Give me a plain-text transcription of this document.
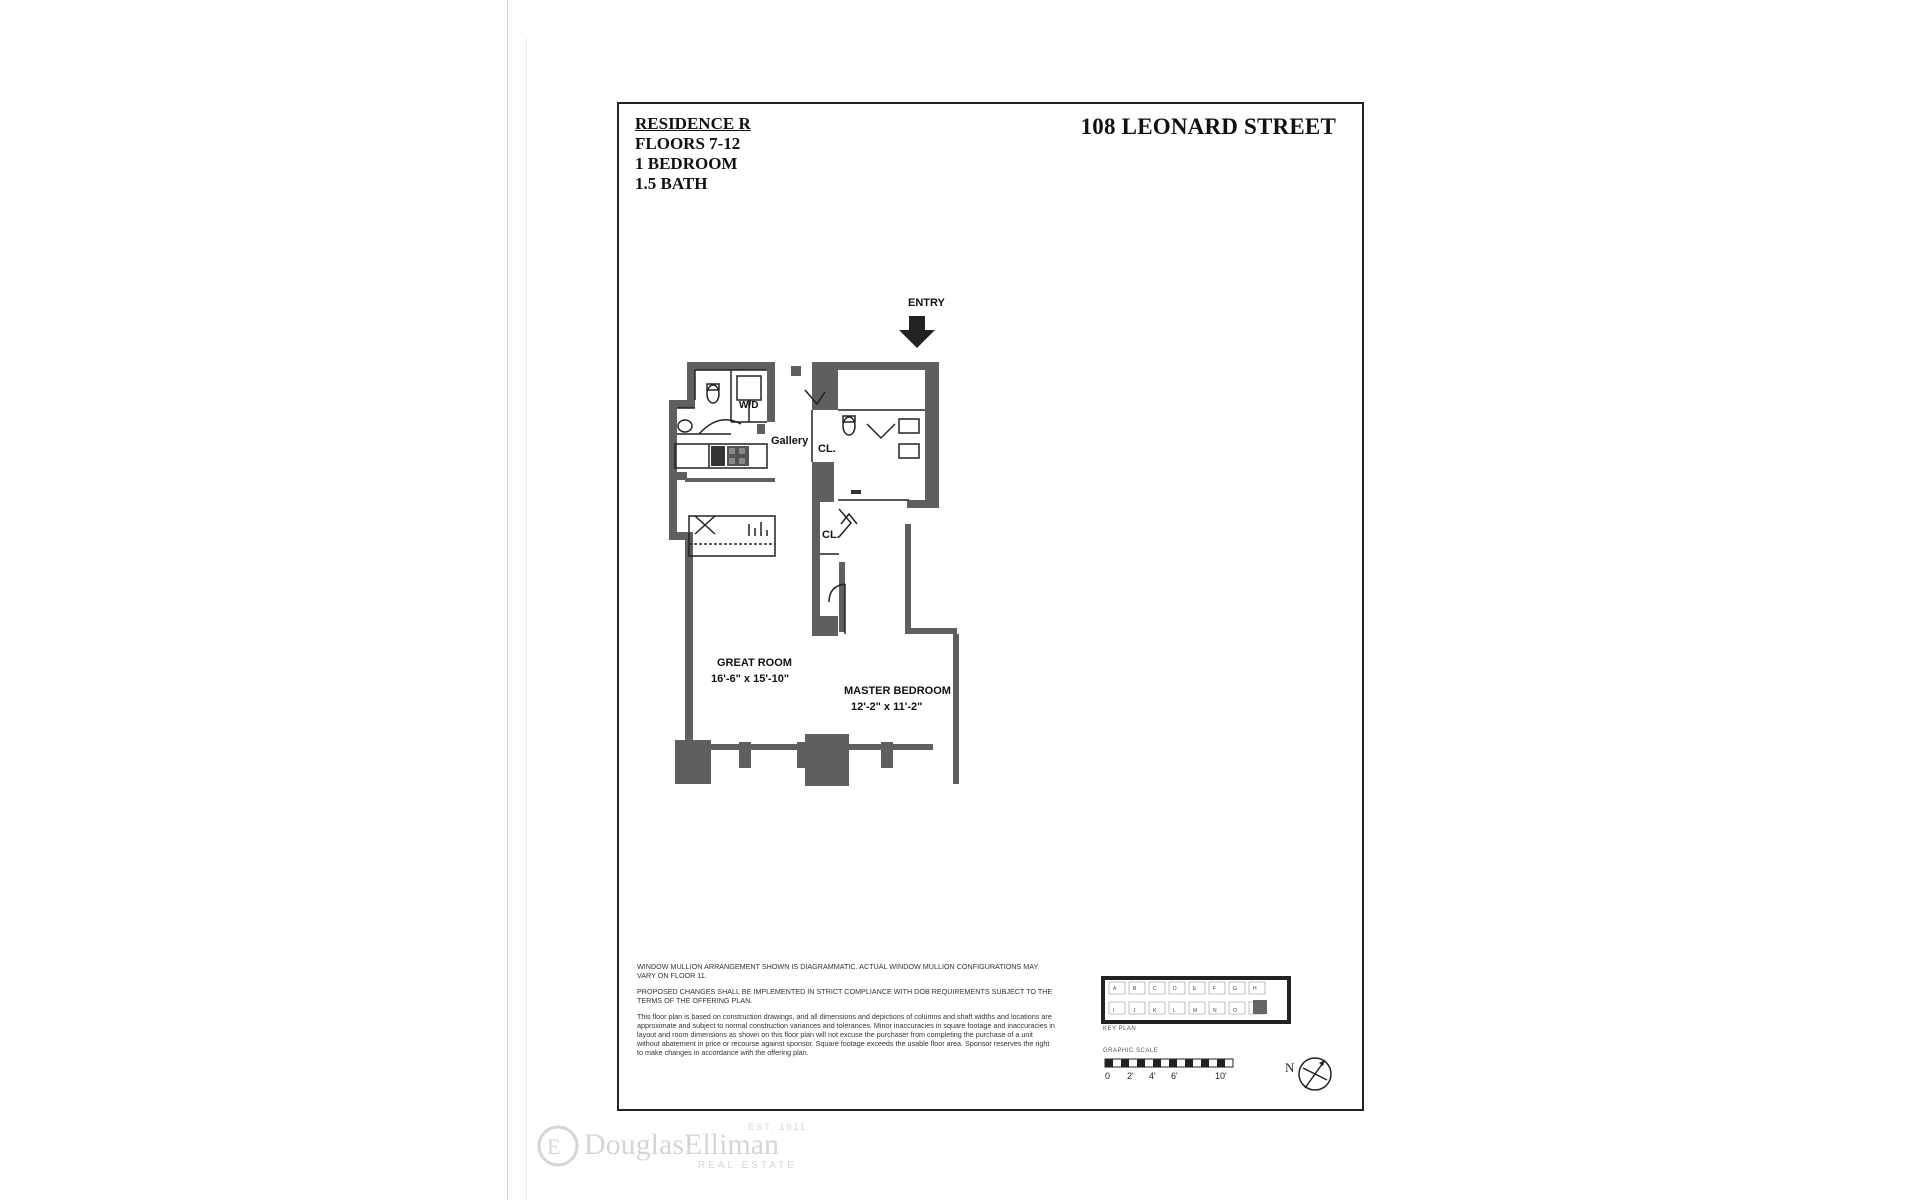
RESIDENCE R
FLOORS 7-12
1 BEDROOM
1.5 BATH
108 LEONARD STREET
ENTRY
W/D
Gallery
CL.
CL.
GREAT ROOM
16'-6" x 15'-10"
MASTER BEDROOM
12'-2" x 11'-2"

WINDOW MULLION ARRANGEMENT SHOWN IS DIAGRAMMATIC. ACTUAL WINDOW MULLION CONFIGURATIONS MAY VARY ON FLOOR 11.

PROPOSED CHANGES SHALL BE IMPLEMENTED IN STRICT COMPLIANCE WITH DOB REQUIREMENTS SUBJECT TO THE TERMS OF THE OFFERING PLAN.

This floor plan is based on construction drawings, and all dimensions and depictions of columns and shaft widths and locations are approximate and subject to normal construction variances and tolerances. Minor inaccuracies in square footage and inaccuracies in layout and room dimensions as shown on this floor plan will not excuse the purchaser from completing the purchase of a unit without abatement in price or recourse against sponsor. Square footage exceeds the usable floor area. Sponsor reserves the right to make changes in accordance with the offering plan.

A	B	C	D	E	F	G	H
I	J	K	L	M	N	O
KEY PLAN
GRAPHIC SCALE
0 2' 4' 6'	10'
N
E DouglasElliman
EST. 1911
REAL ESTATE
